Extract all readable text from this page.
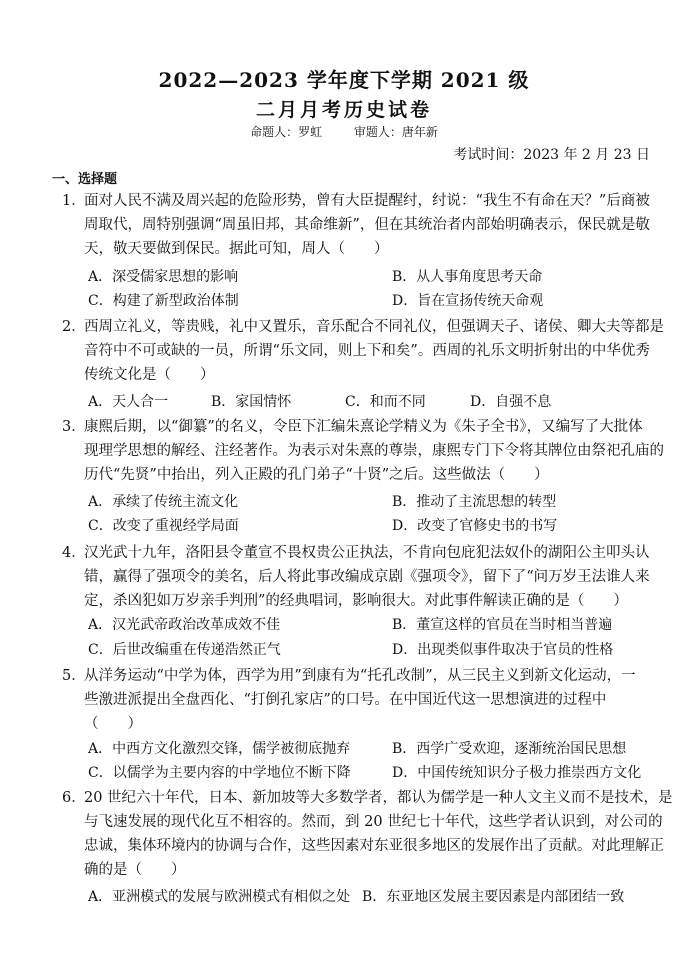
2022—2023 学年度下学期 2021 级
二月月考历史试卷
命题人：罗虹	审题人：唐年新
考试时间：2023 年 2 月 23 日
一、选择题
1．
面对人民不满及周兴起的危险形势，曾有大臣提醒纣，纣说：“我生不有命在天？”后商被
周取代，周特别强调“周虽旧邦，其命维新”，但在其统治者内部始明确表示，保民就是敬
天，敬天要做到保民。据此可知，周人（　　）
A．深受儒家思想的影响	B．从人事角度思考天命
C．构建了新型政治体制	D．旨在宣扬传统天命观
2．
西周立礼义，等贵贱，礼中又置乐，音乐配合不同礼仪，但强调天子、诸侯、卿大夫等都是
音符中不可或缺的一员，所谓“乐文同，则上下和矣”。西周的礼乐文明折射出的中华优秀
传统文化是（　　）
A．天人合一	B．家国情怀	C．和而不同	D．自强不息
3．
康熙后期，以“御纂”的名义，令臣下汇编朱熹论学精义为《朱子全书》，又编写了大批体
现理学思想的解经、注经著作。为表示对朱熹的尊崇，康熙专门下令将其牌位由祭祀孔庙的
历代“先贤”中抬出，列入正殿的孔门弟子“十贤”之后。这些做法（　　）
A．承续了传统主流文化	B．推动了主流思想的转型
C．改变了重视经学局面	D．改变了官修史书的书写
4．
汉光武十九年，洛阳县令董宣不畏权贵公正执法，不肯向包庇犯法奴仆的湖阳公主叩头认
错，赢得了强项令的美名，后人将此事改编成京剧《强项令》，留下了“问万岁王法谁人来
定，杀凶犯如万岁亲手判刑”的经典唱词，影响很大。对此事件解读正确的是（　　）
A．汉光武帝政治改革成效不佳	B．董宣这样的官员在当时相当普遍
C．后世改编重在传递浩然正气	D．出现类似事件取决于官员的性格
5．
从洋务运动“中学为体，西学为用”到康有为“托孔改制”，从三民主义到新文化运动，一
些激进派提出全盘西化、“打倒孔家店”的口号。在中国近代这一思想演进的过程中
（　　）
A．中西方文化激烈交锋，儒学被彻底抛弃	B．西学广受欢迎，逐渐统治国民思想
C．以儒学为主要内容的中学地位不断下降	D．中国传统知识分子极力推崇西方文化
6．
20 世纪六十年代，日本、新加坡等大多数学者，都认为儒学是一种人文主义而不是技术，是
与飞速发展的现代化互不相容的。然而，到 20 世纪七十年代，这些学者认识到，对公司的
忠诚，集体环境内的协调与合作，这些因素对东亚很多地区的发展作出了贡献。对此理解正
确的是（　　）
A．亚洲模式的发展与欧洲模式有相似之处 B．东亚地区发展主要因素是内部团结一致
